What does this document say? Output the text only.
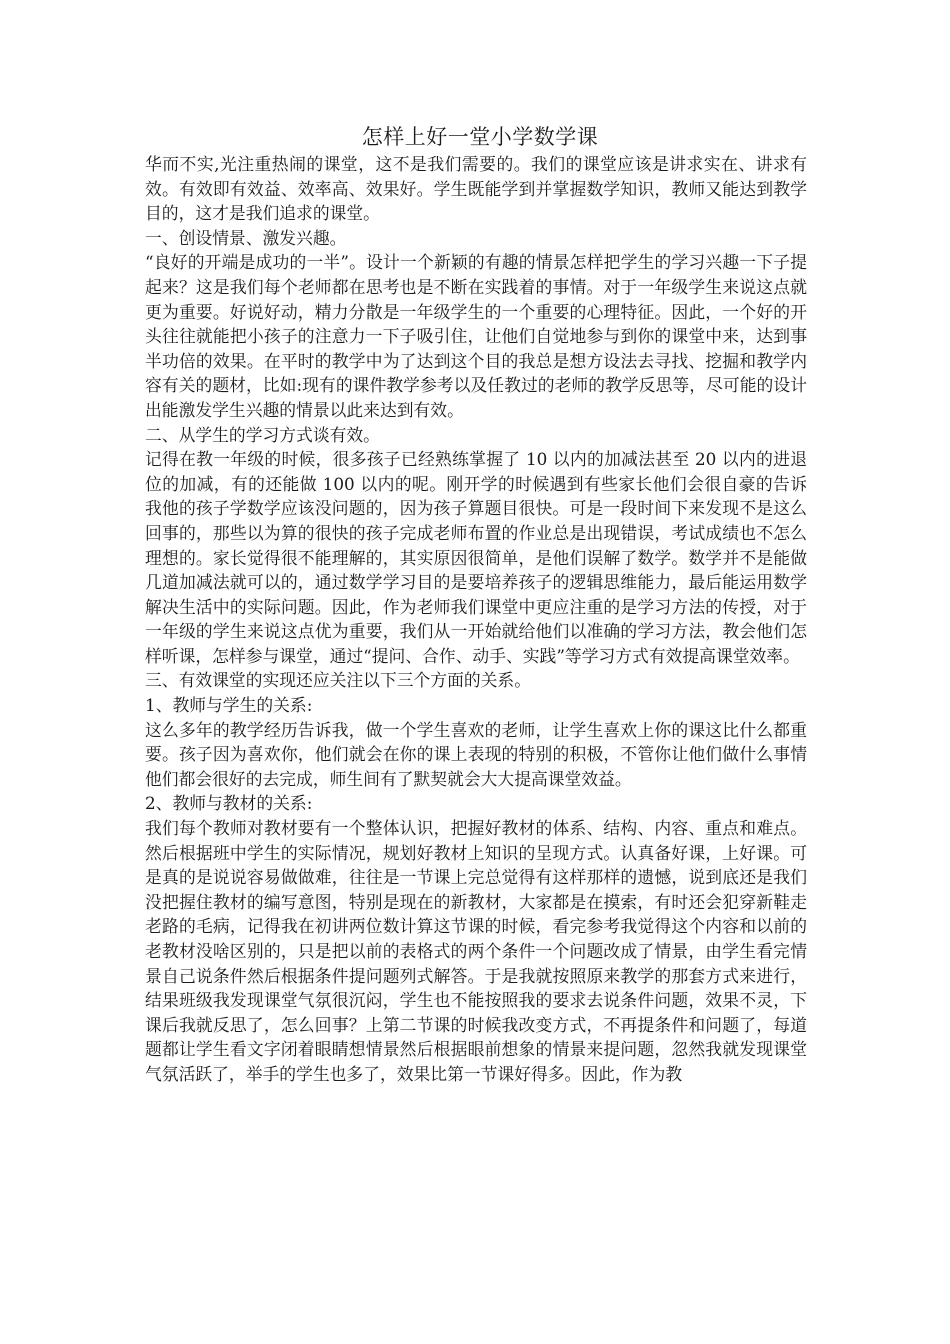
怎样上好一堂小学数学课

华而不实,光注重热闹的课堂，这不是我们需要的。我们的课堂应该是讲求实在、讲求有效。有效即有效益、效率高、效果好。学生既能学到并掌握数学知识，教师又能达到教学目的，这才是我们追求的课堂。

一、创设情景、激发兴趣。

“良好的开端是成功的一半”。设计一个新颖的有趣的情景怎样把学生的学习兴趣一下子提起来？这是我们每个老师都在思考也是不断在实践着的事情。对于一年级学生来说这点就更为重要。好说好动，精力分散是一年级学生的一个重要的心理特征。因此，一个好的开头往往就能把小孩子的注意力一下子吸引住，让他们自觉地参与到你的课堂中来，达到事半功倍的效果。在平时的教学中为了达到这个目的我总是想方设法去寻找、挖掘和教学内容有关的题材，比如:现有的课件教学参考以及任教过的老师的教学反思等，尽可能的设计出能激发学生兴趣的情景以此来达到有效。

二、从学生的学习方式谈有效。

记得在教一年级的时候，很多孩子已经熟练掌握了 10 以内的加减法甚至 20 以内的进退位的加减，有的还能做 100 以内的呢。刚开学的时候遇到有些家长他们会很自豪的告诉我他的孩子学数学应该没问题的，因为孩子算题目很快。可是一段时间下来发现不是这么回事的，那些以为算的很快的孩子完成老师布置的作业总是出现错误，考试成绩也不怎么理想的。家长觉得很不能理解的，其实原因很简单，是他们误解了数学。数学并不是能做几道加减法就可以的，通过数学学习目的是要培养孩子的逻辑思维能力，最后能运用数学解决生活中的实际问题。因此，作为老师我们课堂中更应注重的是学习方法的传授，对于一年级的学生来说这点优为重要，我们从一开始就给他们以准确的学习方法，教会他们怎样听课，怎样参与课堂，通过“提问、合作、动手、实践”等学习方式有效提高课堂效率。

三、有效课堂的实现还应关注以下三个方面的关系。

1、教师与学生的关系:

这么多年的教学经历告诉我，做一个学生喜欢的老师，让学生喜欢上你的课这比什么都重要。孩子因为喜欢你，他们就会在你的课上表现的特别的积极，不管你让他们做什么事情他们都会很好的去完成，师生间有了默契就会大大提高课堂效益。

2、教师与教材的关系:

我们每个教师对教材要有一个整体认识，把握好教材的体系、结构、内容、重点和难点。然后根据班中学生的实际情况，规划好教材上知识的呈现方式。认真备好课，上好课。可是真的是说说容易做做难，往往是一节课上完总觉得有这样那样的遗憾，说到底还是我们没把握住教材的编写意图，特别是现在的新教材，大家都是在摸索，有时还会犯穿新鞋走老路的毛病，记得我在初讲两位数计算这节课的时候，看完参考我觉得这个内容和以前的老教材没啥区别的，只是把以前的表格式的两个条件一个问题改成了情景，由学生看完情景自己说条件然后根据条件提问题列式解答。于是我就按照原来教学的那套方式来进行，结果班级我发现课堂气氛很沉闷，学生也不能按照我的要求去说条件问题，效果不灵，下课后我就反思了，怎么回事？上第二节课的时候我改变方式，不再提条件和问题了，每道题都让学生看文字闭着眼睛想情景然后根据眼前想象的情景来提问题，忽然我就发现课堂气氛活跃了，举手的学生也多了，效果比第一节课好得多。因此，作为教
